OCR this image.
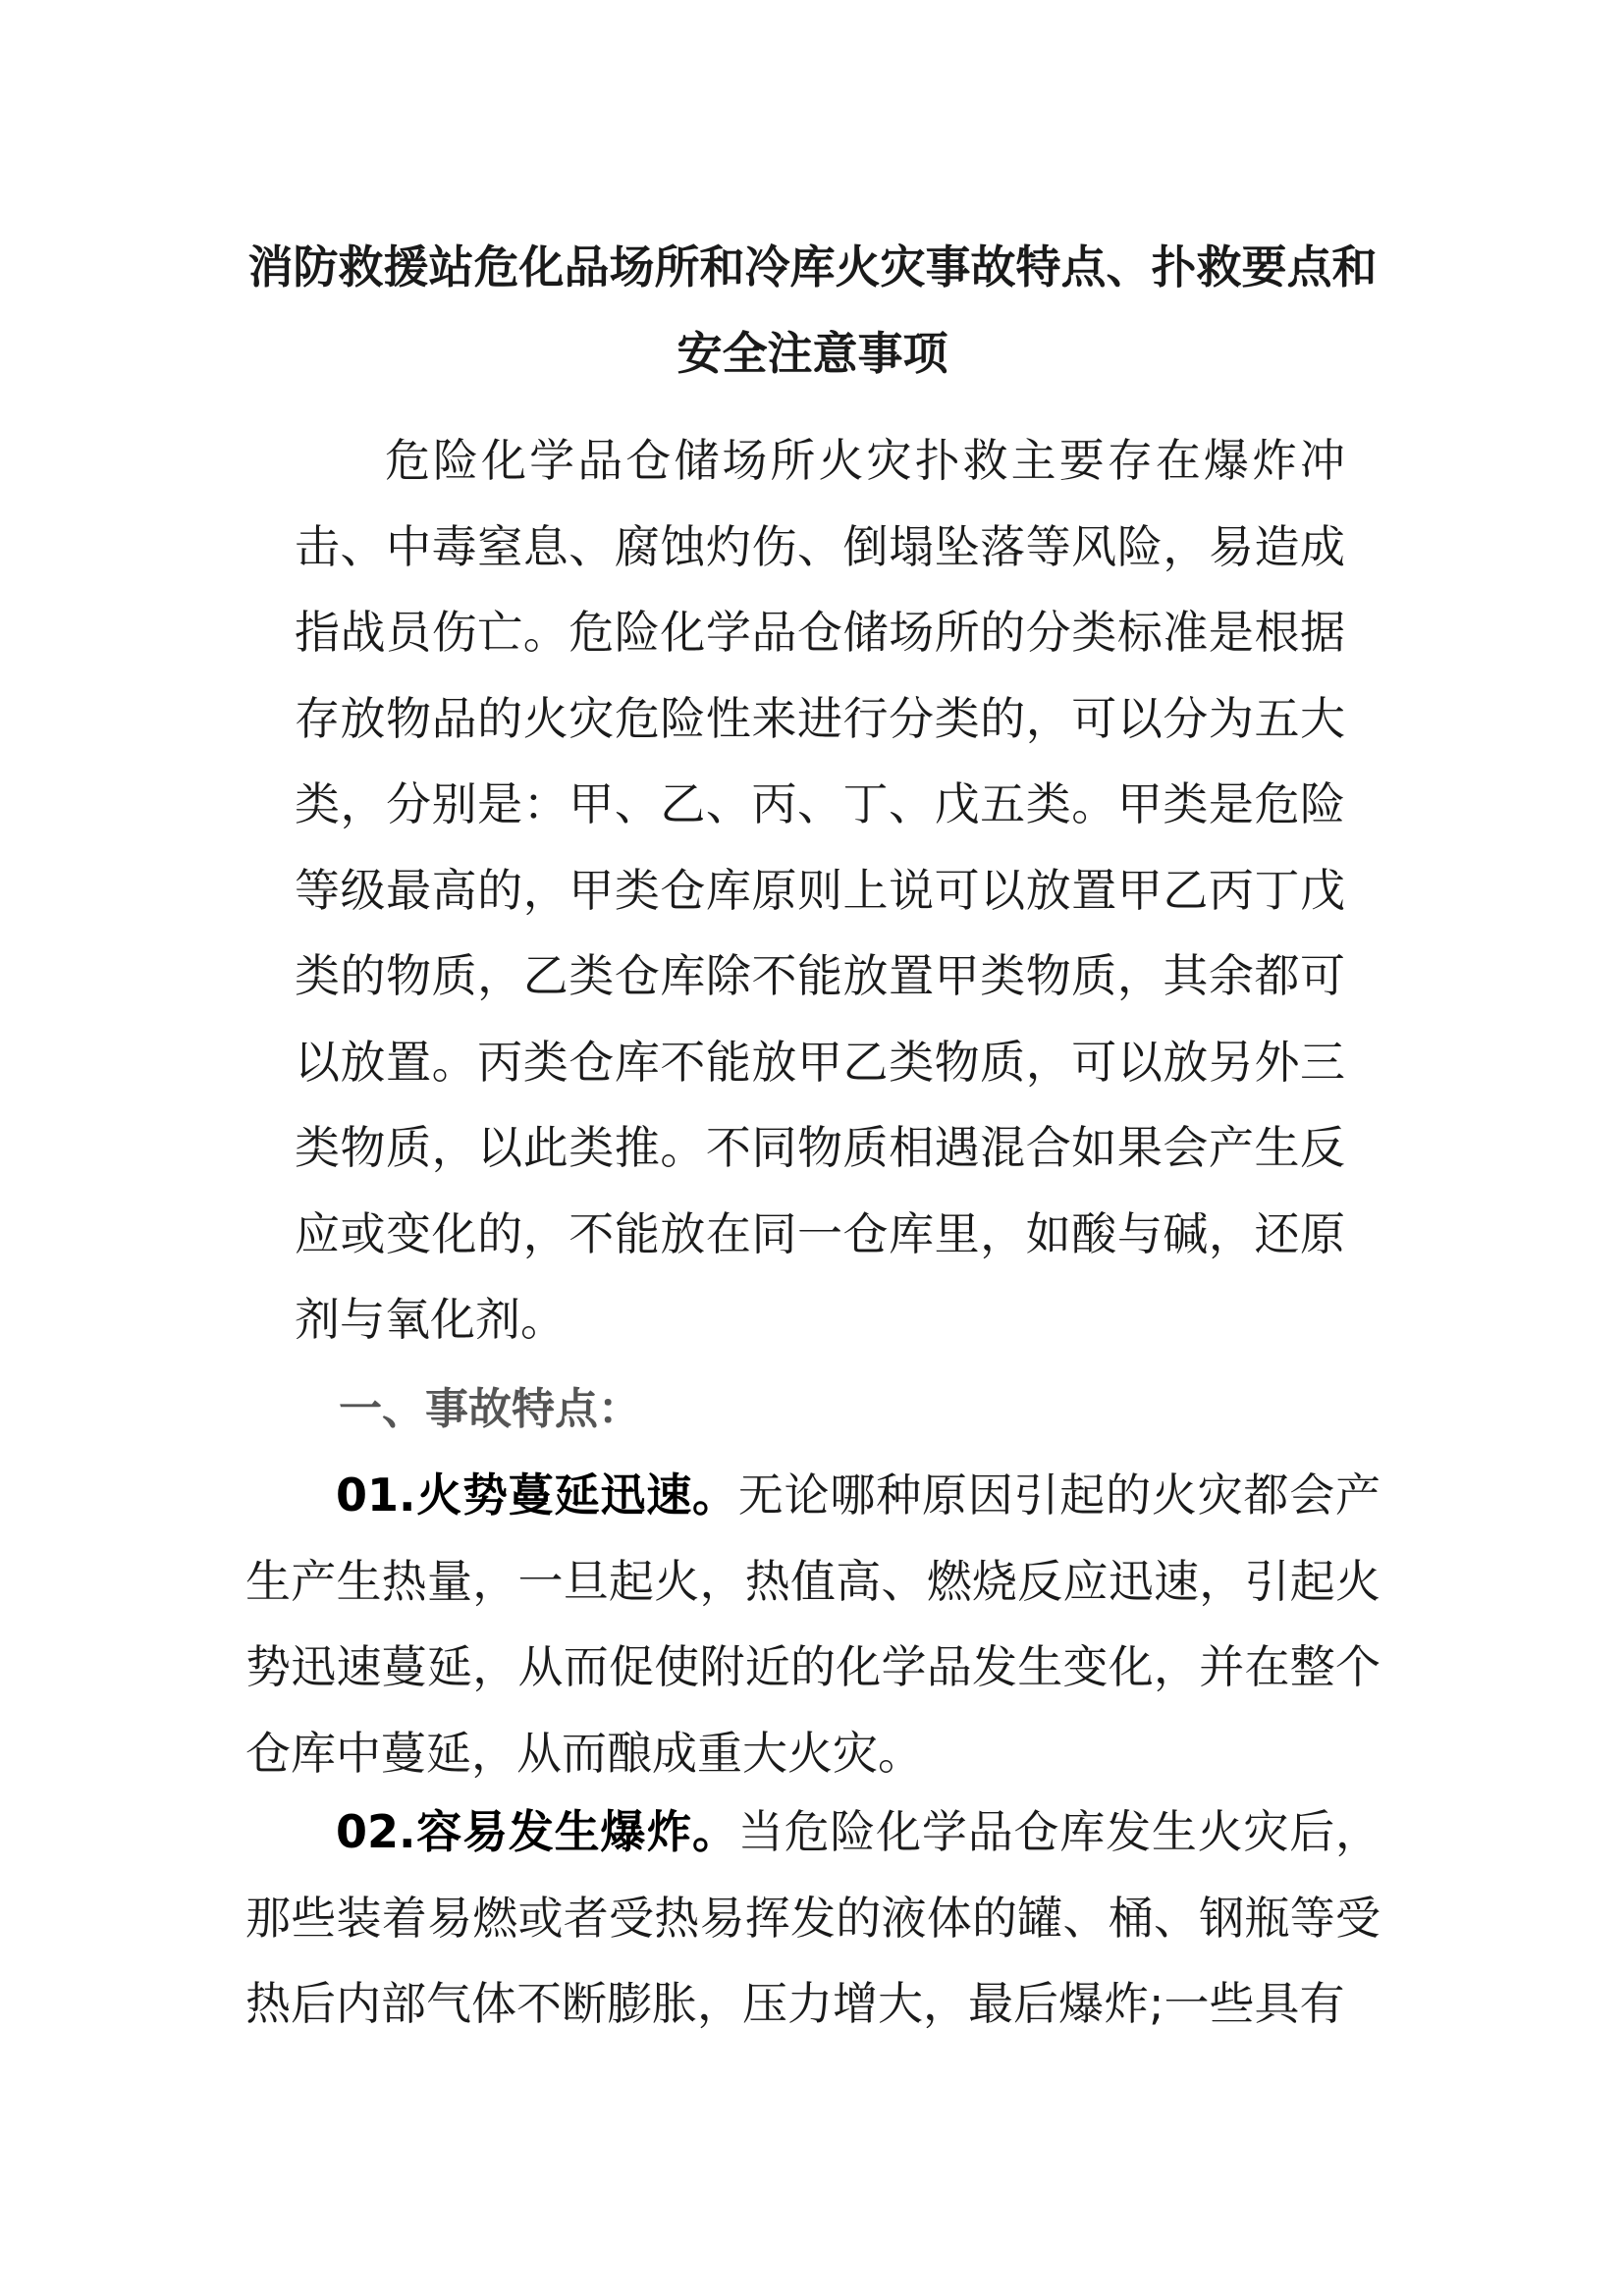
消防救援站危化品场所和冷库火灾事故特点、扑救要点和安全注意事项

危险化学品仓储场所火灾扑救主要存在爆炸冲击、中毒窒息、腐蚀灼伤、倒塌坠落等风险，易造成指战员伤亡。危险化学品仓储场所的分类标准是根据存放物品的火灾危险性来进行分类的，可以分为五大类，分别是：甲、乙、丙、丁、戊五类。甲类是危险等级最高的，甲类仓库原则上说可以放置甲乙丙丁戊类的物质，乙类仓库除不能放置甲类物质，其余都可以放置。丙类仓库不能放甲乙类物质，可以放另外三类物质，以此类推。不同物质相遇混合如果会产生反应或变化的，不能放在同一仓库里，如酸与碱，还原剂与氧化剂。

一、事故特点：

01.火势蔓延迅速。无论哪种原因引起的火灾都会产生产生热量，一旦起火，热值高、燃烧反应迅速，引起火势迅速蔓延，从而促使附近的化学品发生变化，并在整个仓库中蔓延，从而酿成重大火灾。

02.容易发生爆炸。当危险化学品仓库发生火灾后，那些装着易燃或者受热易挥发的液体的罐、桶、钢瓶等受热后内部气体不断膨胀，压力增大，最后爆炸;一些具有
